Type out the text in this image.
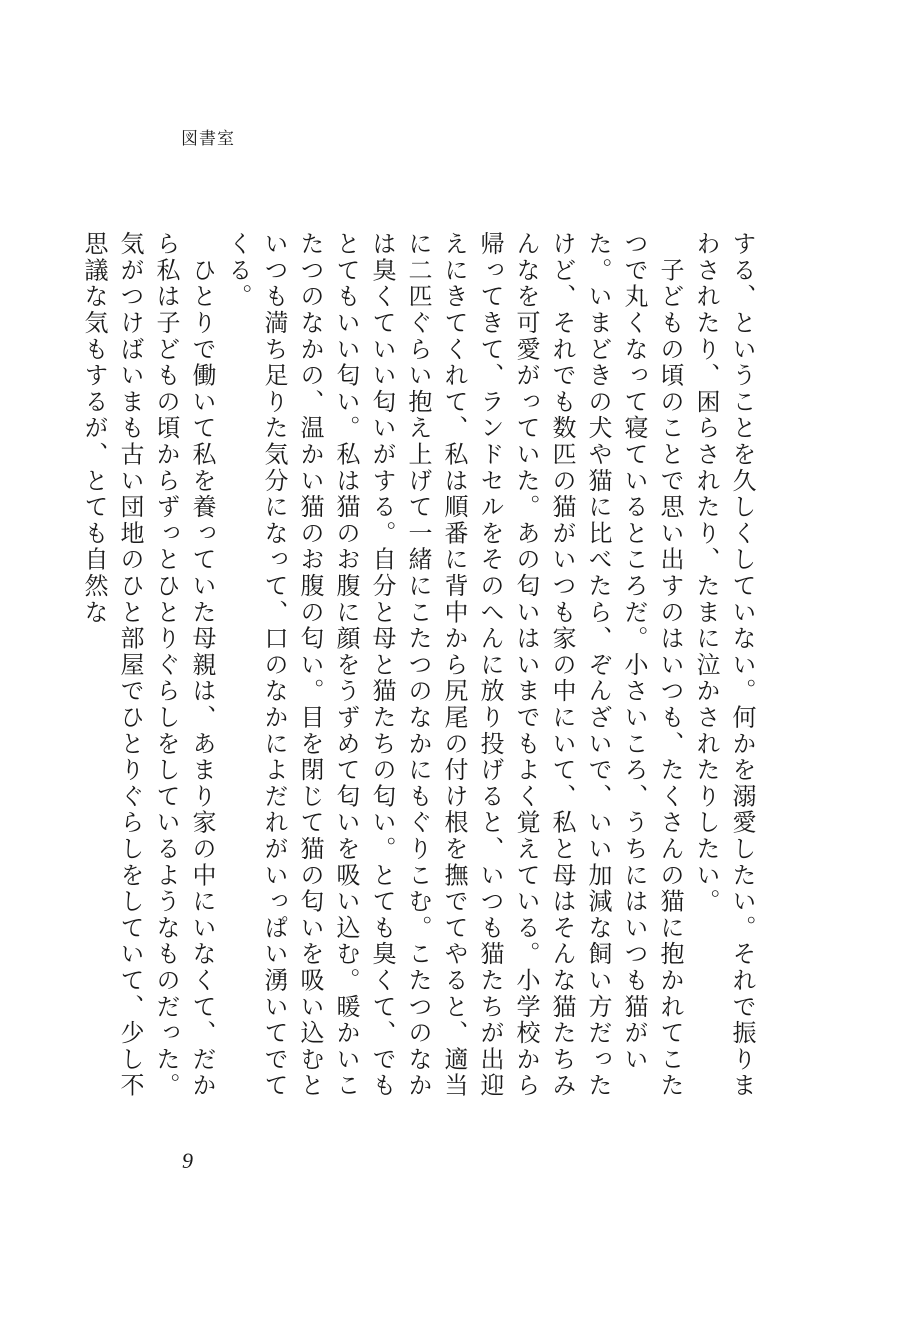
図書室

する、ということを久しくしていない。何かを溺愛したい。それで振りまわされたり、困らされたり、たまに泣かされたりしたい。

　子どもの頃のことで思い出すのはいつも、たくさんの猫に抱かれてこたつで丸くなって寝ているところだ。小さいころ、うちにはいつも猫がいた。いまどきの犬や猫に比べたら、ぞんざいで、いい加減な飼い方だったけど、それでも数匹の猫がいつも家の中にいて、私と母はそんな猫たちみんなを可愛がっていた。あの匂いはいまでもよく覚えている。小学校から帰ってきて、ランドセルをそのへんに放り投げると、いつも猫たちが出迎えにきてくれて、私は順番に背中から尻尾の付け根を撫でてやると、適当に二匹ぐらい抱え上げて一緒にこたつのなかにもぐりこむ。こたつのなかは臭くていい匂いがする。自分と母と猫たちの匂い。とても臭くて、でもとてもいい匂い。私は猫のお腹に顔をうずめて匂いを吸い込む。暖かいこたつのなかの、温かい猫のお腹の匂い。目を閉じて猫の匂いを吸い込むといつも満ち足りた気分になって、口のなかによだれがいっぱい湧いてでてくる。

　ひとりで働いて私を養っていた母親は、あまり家の中にいなくて、だから私は子どもの頃からずっとひとりぐらしをしているようなものだった。気がつけばいまも古い団地のひと部屋でひとりぐらしをしていて、少し不思議な気もするが、とても自然な

9
